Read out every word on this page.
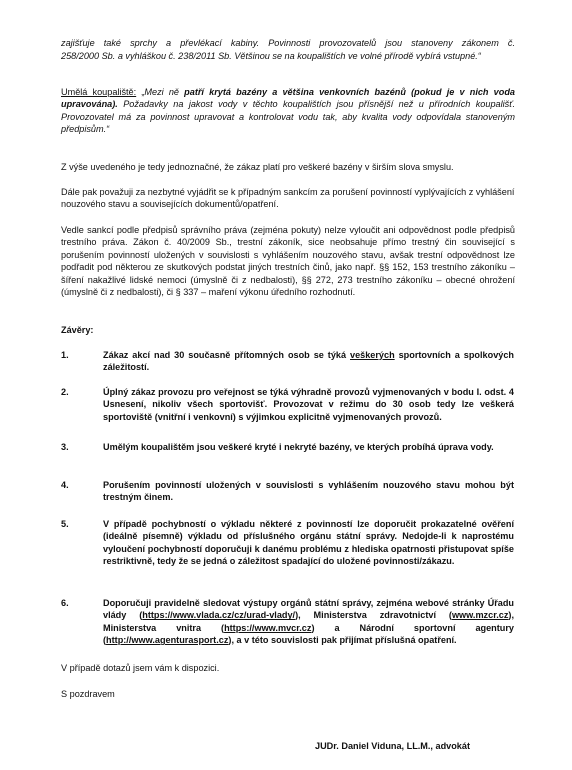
zajišťuje také sprchy a převlékací kabiny. Povinnosti provozovatelů jsou stanoveny zákonem č.

258/2000 Sb. a vyhláškou č. 238/2011 Sb. Většinou se na koupalištích ve volné přírodě vybírá vstupné.“

Umělá koupaliště: „Mezi ně patří krytá bazény a většina venkovních bazénů (pokud je v nich voda upravována). Požadavky na jakost vody v těchto koupalištích jsou přísnější než u přírodních koupališť. Provozovatel má za povinnost upravovat a kontrolovat vodu tak, aby kvalita vody odpovídala stanoveným předpisům.“

Z výše uvedeného je tedy jednoznačné, že zákaz platí pro veškeré bazény v širším slova smyslu.

Dále pak považuji za nezbytné vyjádřit se k případným sankcím za porušení povinností vyplývajících z vyhlášení nouzového stavu a souvisejících dokumentů/opatření.

Vedle sankcí podle předpisů správního práva (zejména pokuty) nelze vyloučit ani odpovědnost podle předpisů trestního práva. Zákon č. 40/2009 Sb., trestní zákoník, sice neobsahuje přímo trestný čin související s porušením povinností uložených v souvislosti s vyhlášením nouzového stavu, avšak trestní odpovědnost lze podřadit pod některou ze skutkových podstat jiných trestních činů, jako např. §§ 152, 153 trestního zákoníku – šíření nakažlivé lidské nemoci (úmyslně či z nedbalosti), §§ 272, 273 trestního zákoníku – obecné ohrožení (úmyslně či z nedbalosti), či § 337 – maření výkonu úředního rozhodnutí.

Závěry:

1.	Zákaz akcí nad 30 současně přítomných osob se týká veškerých sportovních a spolkových záležitostí.

2.	Úplný zákaz provozu pro veřejnost se týká výhradně provozů vyjmenovaných v bodu I. odst. 4 Usnesení, nikoliv všech sportovišť. Provozovat v režimu do 30 osob tedy lze veškerá sportoviště (vnitřní i venkovní) s výjimkou explicitně vyjmenovaných provozů.

3.	Umělým koupalištěm jsou veškeré kryté i nekryté bazény, ve kterých probíhá úprava vody.

4.	Porušením povinností uložených v souvislosti s vyhlášením nouzového stavu mohou být trestným činem.

5.	V případě pochybností o výkladu některé z povinností lze doporučit prokazatelné ověření (ideálně písemně) výkladu od příslušného orgánu státní správy. Nedojde-li k naprostému vyloučení pochybností doporučuji k danému problému z hlediska opatrnosti přistupovat spíše restriktivně, tedy že se jedná o záležitost spadající do uložené povinnosti/zákazu.

6.	Doporučuji pravidelně sledovat výstupy orgánů státní správy, zejména webové stránky Úřadu vlády (https://www.vlada.cz/cz/urad-vlady/), Ministerstva zdravotnictví (www.mzcr.cz), Ministerstva vnitra (https://www.mvcr.cz) a Národní sportovní agentury (http://www.agenturasport.cz), a v této souvislosti pak přijímat příslušná opatření.

V případě dotazů jsem vám k dispozici.

S pozdravem

JUDr. Daniel Viduna, LL.M., advokát
